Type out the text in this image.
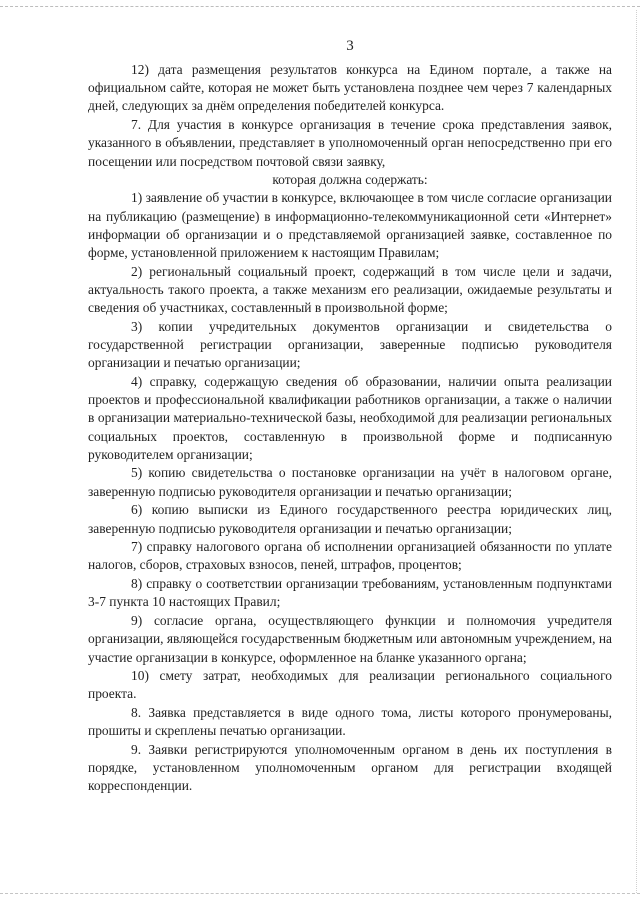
3

12) дата размещения результатов конкурса на Едином портале, а также на официальном сайте, которая не может быть установлена позднее чем через 7 календарных дней, следующих за днём определения победителей конкурса.

7. Для участия в конкурсе организация в течение срока представления заявок, указанного в объявлении, представляет в уполномоченный орган непосредственно при его посещении или посредством почтовой связи заявку,

которая должна содержать:

1) заявление об участии в конкурсе, включающее в том числе согласие организации на публикацию (размещение) в информационно-телекоммуникационной сети «Интернет» информации об организации и о представляемой организацией заявке, составленное по форме, установленной приложением к настоящим Правилам;

2) региональный социальный проект, содержащий в том числе цели и задачи, актуальность такого проекта, а также механизм его реализации, ожидаемые результаты и сведения об участниках, составленный в произвольной форме;

3) копии учредительных документов организации и свидетельства о государственной регистрации организации, заверенные подписью руководителя организации и печатью организации;

4) справку, содержащую сведения об образовании, наличии опыта реализации проектов и профессиональной квалификации работников организации, а также о наличии в организации материально-технической базы, необходимой для реализации региональных социальных проектов, составленную в произвольной форме и подписанную руководителем организации;

5) копию свидетельства о постановке организации на учёт в налоговом органе, заверенную подписью руководителя организации и печатью организации;

6) копию выписки из Единого государственного реестра юридических лиц, заверенную подписью руководителя организации и печатью организации;

7) справку налогового органа об исполнении организацией обязанности по уплате налогов, сборов, страховых взносов, пеней, штрафов, процентов;

8) справку о соответствии организации требованиям, установленным подпунктами 3-7 пункта 10 настоящих Правил;

9) согласие органа, осуществляющего функции и полномочия учредителя организации, являющейся государственным бюджетным или автономным учреждением, на участие организации в конкурсе, оформленное на бланке указанного органа;

10) смету затрат, необходимых для реализации регионального социального проекта.

8. Заявка представляется в виде одного тома, листы которого пронумерованы, прошиты и скреплены печатью организации.

9. Заявки регистрируются уполномоченным органом в день их поступления в порядке, установленном уполномоченным органом для регистрации входящей корреспонденции.
